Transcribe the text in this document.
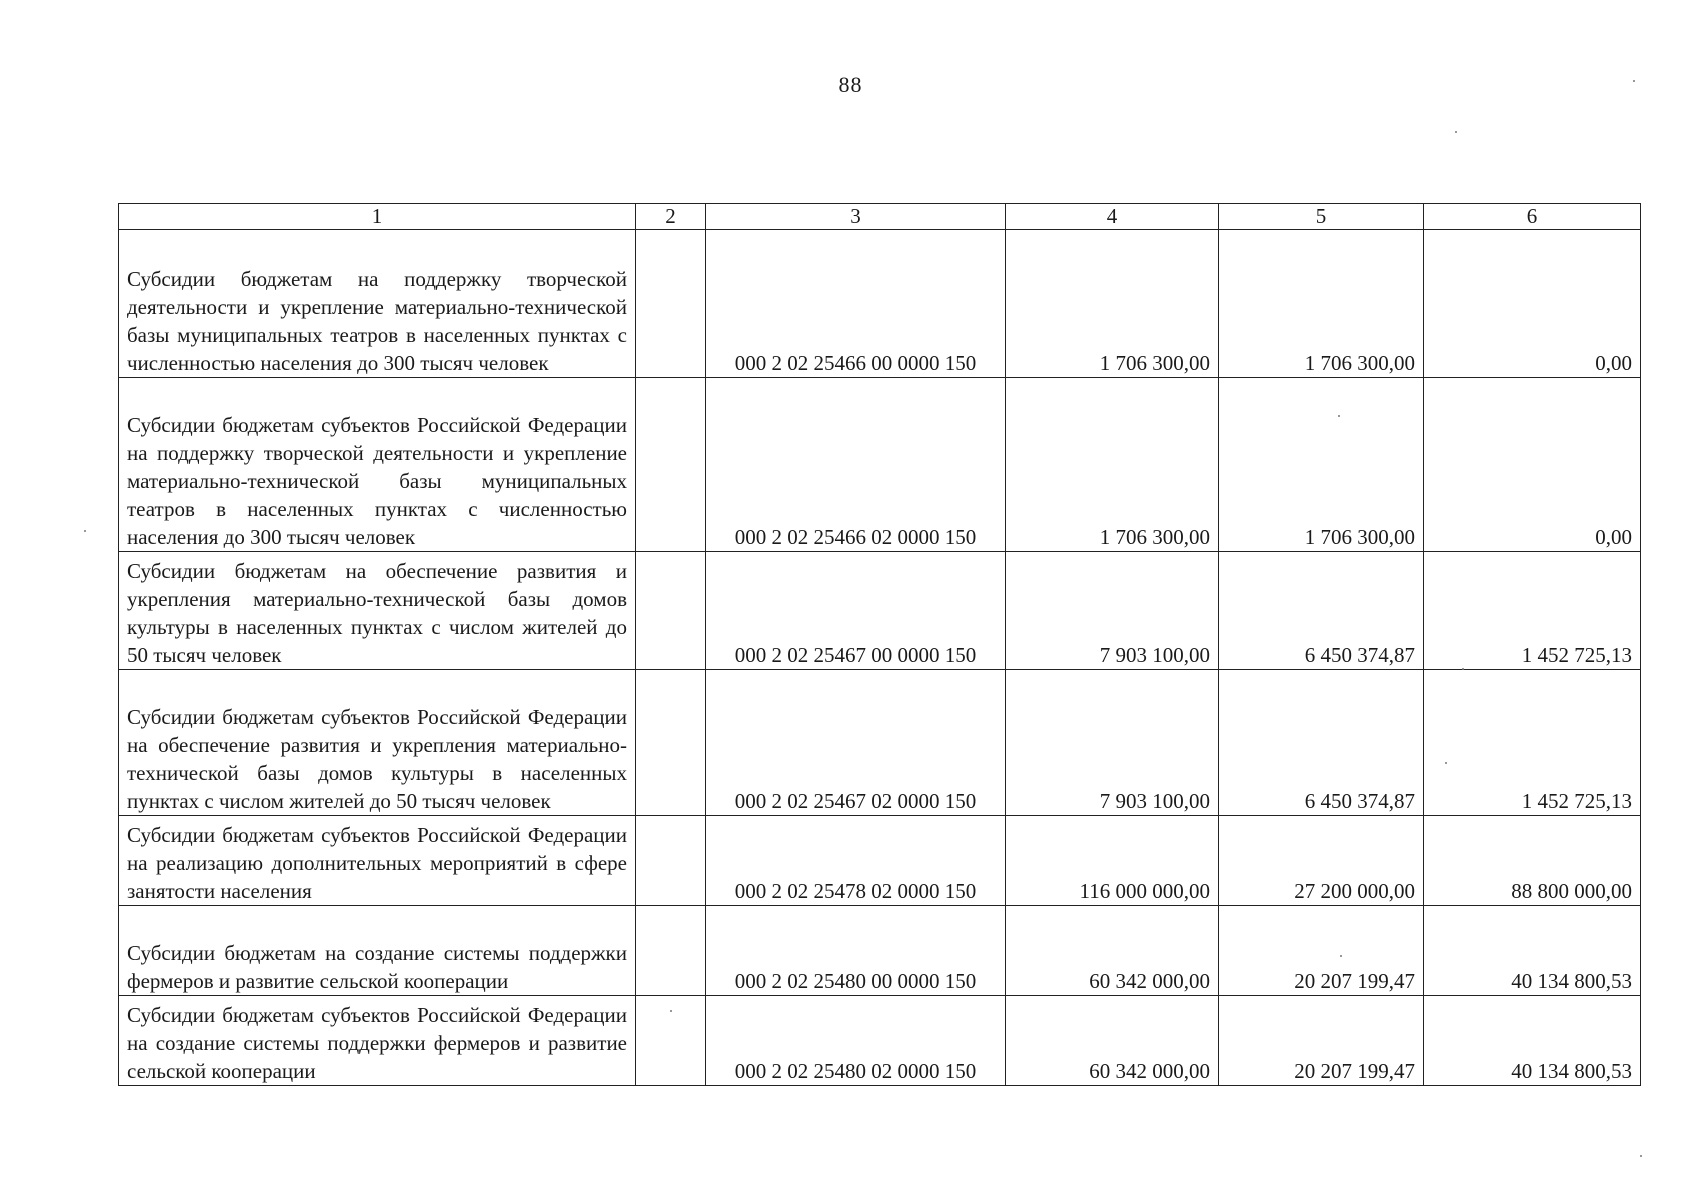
88
1	2	3	4	5	6
Субсидии бюджетам на поддержку творческой деятельности и укрепление материально-технической базы муниципальных театров в населенных пунктах с численностью населения до 300 тысяч человек		000 2 02 25466 00 0000 150	1 706 300,00	1 706 300,00	0,00
Субсидии бюджетам субъектов Российской Федерации на поддержку творческой деятельности и укрепление материально-технической базы муниципальных театров в населенных пунктах с численностью населения до 300 тысяч человек		000 2 02 25466 02 0000 150	1 706 300,00	1 706 300,00	0,00
Субсидии бюджетам на обеспечение развития и укрепления материально-технической базы домов культуры в населенных пунктах с числом жителей до 50 тысяч человек		000 2 02 25467 00 0000 150	7 903 100,00	6 450 374,87	1 452 725,13
Субсидии бюджетам субъектов Российской Федерации на обеспечение развития и укрепления материально-технической базы домов культуры в населенных пунктах с числом жителей до 50 тысяч человек		000 2 02 25467 02 0000 150	7 903 100,00	6 450 374,87	1 452 725,13
Субсидии бюджетам субъектов Российской Федерации на реализацию дополнительных мероприятий в сфере занятости населения		000 2 02 25478 02 0000 150	116 000 000,00	27 200 000,00	88 800 000,00
Субсидии бюджетам на создание системы поддержки фермеров и развитие сельской кооперации		000 2 02 25480 00 0000 150	60 342 000,00	20 207 199,47	40 134 800,53
Субсидии бюджетам субъектов Российской Федерации на создание системы поддержки фермеров и развитие сельской кооперации		000 2 02 25480 02 0000 150	60 342 000,00	20 207 199,47	40 134 800,53
